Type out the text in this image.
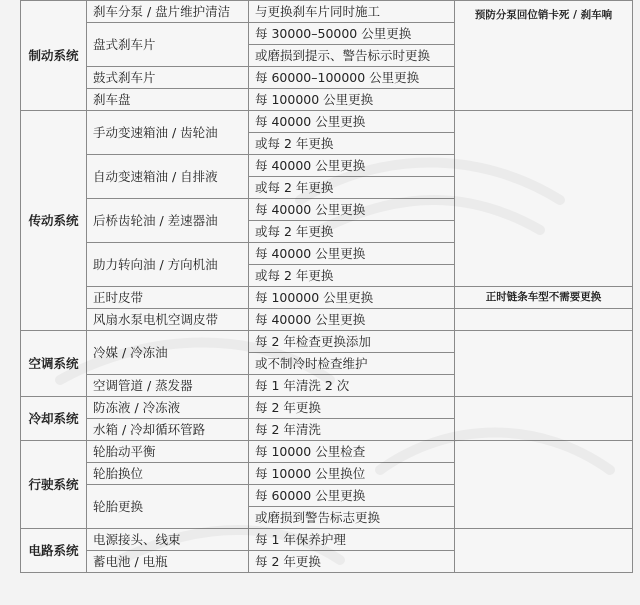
制动系统	刹车分泵 / 盘片维护清洁	与更换刹车片同时施工	预防分泵回位销卡死 / 刹车响
	盘式刹车片	每 30000–50000 公里更换	
		或磨损到提示、警告标示时更换	
	鼓式刹车片	每 60000–100000 公里更换	
	刹车盘	每 100000 公里更换	
传动系统	手动变速箱油 / 齿轮油	每 40000 公里更换	
		或每 2 年更换	
	自动变速箱油 / 自排液	每 40000 公里更换	
		或每 2 年更换	
	后桥齿轮油 / 差速器油	每 40000 公里更换	
		或每 2 年更换	
	助力转向油 / 方向机油	每 40000 公里更换	
		或每 2 年更换	
	正时皮带	每 100000 公里更换	正时链条车型不需要更换
	风扇水泵电机空调皮带	每 40000 公里更换	
空调系统	冷媒 / 冷冻油	每 2 年检查更换添加	
		或不制冷时检查维护	
	空调管道 / 蒸发器	每 1 年清洗 2 次	
冷却系统	防冻液 / 冷冻液	每 2 年更换	
	水箱 / 冷却循环管路	每 2 年清洗	
行驶系统	轮胎动平衡	每 10000 公里检查	
	轮胎换位	每 10000 公里换位	
	轮胎更换	每 60000 公里更换	
		或磨损到警告标志更换	
电路系统	电源接头、线束	每 1 年保养护理	
	蓄电池 / 电瓶	每 2 年更换	
